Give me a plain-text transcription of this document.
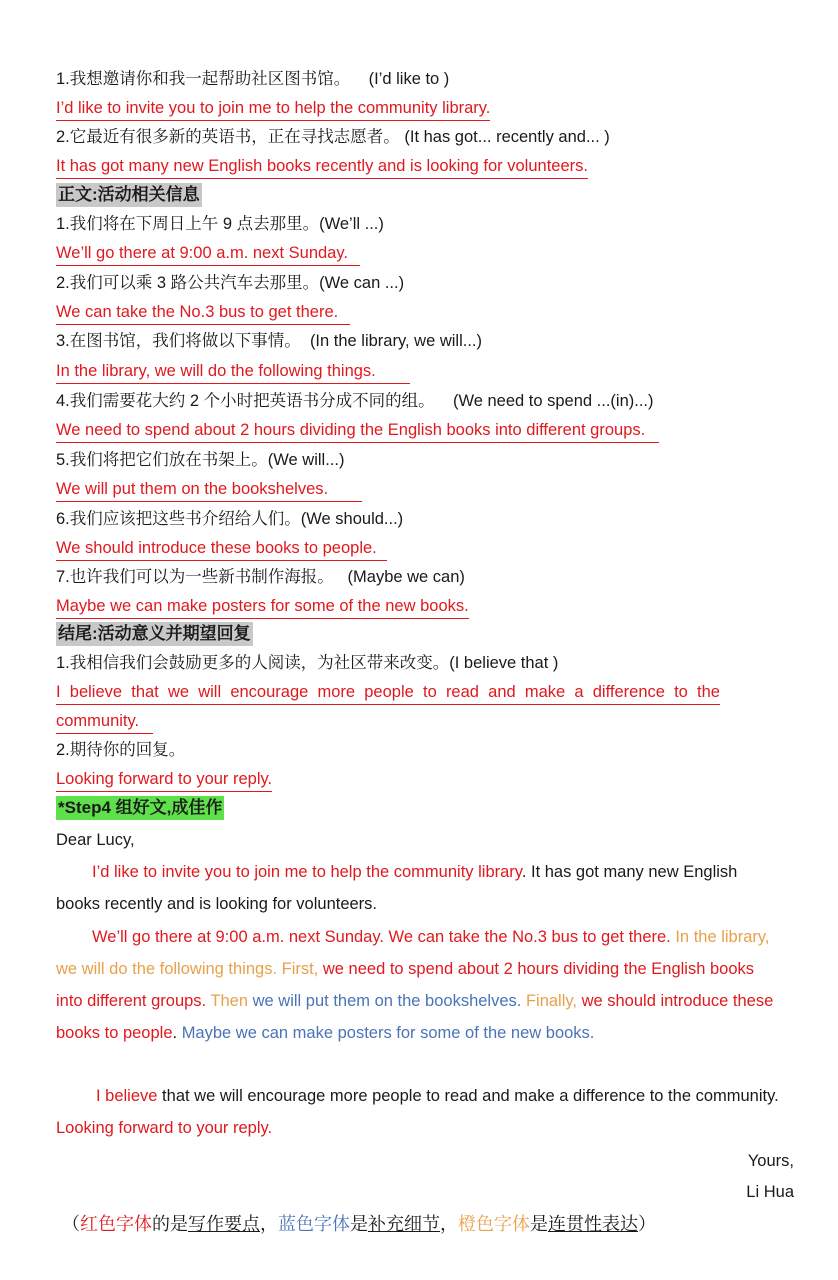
1.我想邀请你和我一起帮助社区图书馆。 (I’d like to )
I’d like to invite you to join me to help the community library.
2.它最近有很多新的英语书，正在寻找志愿者。 (It has got... recently and... )
It has got many new English books recently and is looking for volunteers.
正文:活动相关信息
1.我们将在下周日上午 9 点去那里。(We’ll ...)
We’ll go there at 9:00 a.m. next Sunday.
2.我们可以乘 3 路公共汽车去那里。(We can ...)
We can take the No.3 bus to get there.
3.在图书馆，我们将做以下事情。 (In the library, we will...)
In the library, we will do the following things.
4.我们需要花大约 2 个小时把英语书分成不同的组。 (We need to spend ...(in)...)
We need to spend about 2 hours dividing the English books into different groups.
5.我们将把它们放在书架上。(We will...)
We will put them on the bookshelves.
6.我们应该把这些书介绍给人们。(We should...)
We should introduce these books to people.
7.也许我们可以为一些新书制作海报。 (Maybe we can)
Maybe we can make posters for some of the new books.
结尾:活动意义并期望回复
1.我相信我们会鼓励更多的人阅读，为社区带来改变。(I believe that )
I believe that we will encourage more people to read and make a difference to the
community.
2.期待你的回复。
Looking forward to your reply.
*Step4 组好文,成佳作
Dear Lucy,
I’d like to invite you to join me to help the community library. It has got many new English books recently and is looking for volunteers.
We’ll go there at 9:00 a.m. next Sunday. We can take the No.3 bus to get there. In the library, we will do the following things. First, we need to spend about 2 hours dividing the English books into different groups. Then we will put them on the bookshelves. Finally, we should introduce these books to people. Maybe we can make posters for some of the new books.
I believe that we will encourage more people to read and make a difference to the community.   Looking forward to your reply.
Yours,
Li Hua
（红色字体的是写作要点，蓝色字体是补充细节，橙色字体是连贯性表达）
